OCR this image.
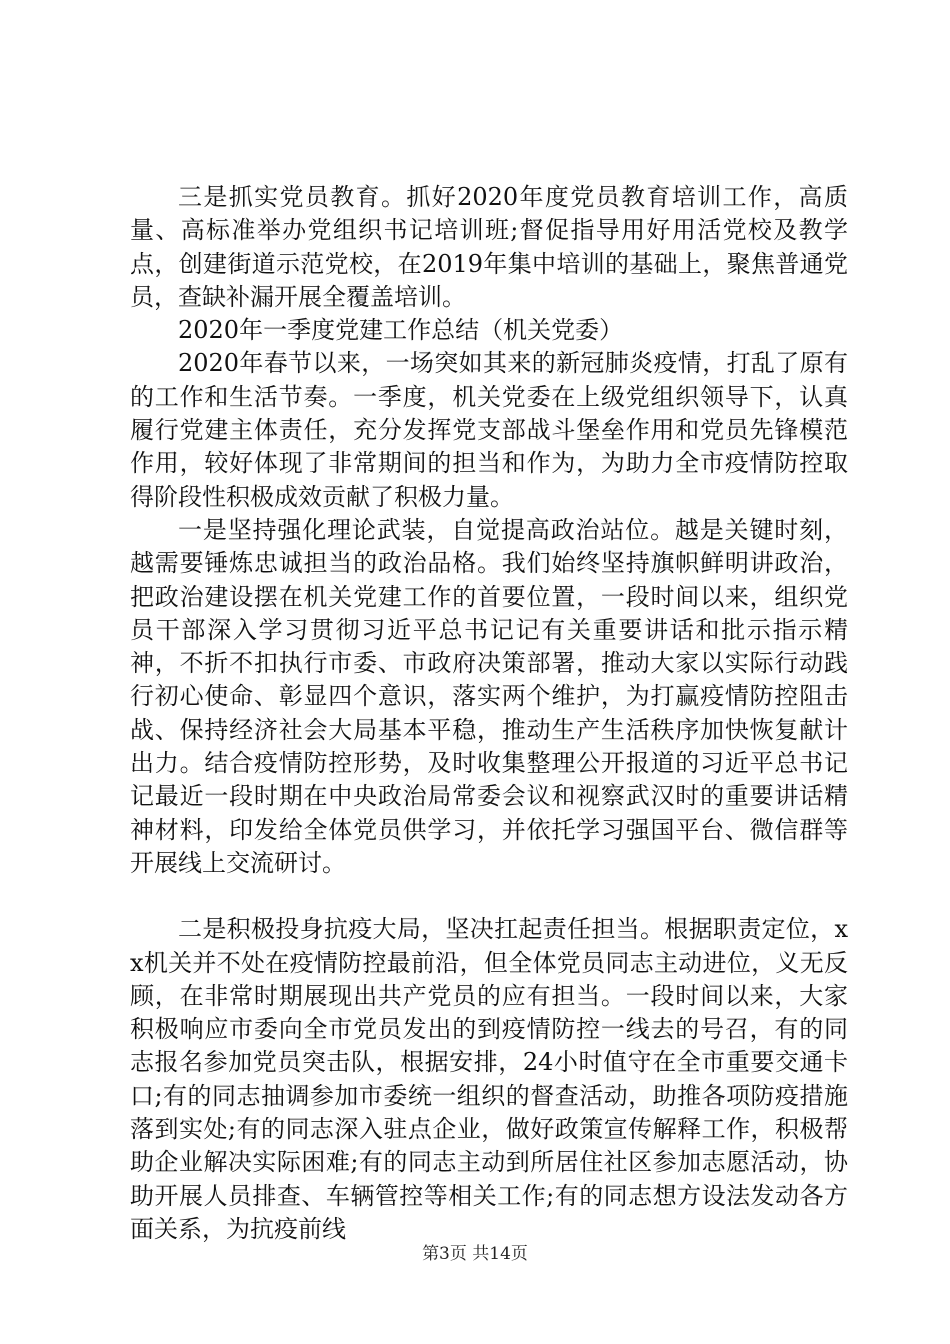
三是抓实党员教育。抓好2020年度党员教育培训工作，高质量、高标准举办党组织书记培训班;督促指导用好用活党校及教学点，创建街道示范党校，在2019年集中培训的基础上，聚焦普通党员，查缺补漏开展全覆盖培训。

2020年一季度党建工作总结（机关党委）

2020年春节以来，一场突如其来的新冠肺炎疫情，打乱了原有的工作和生活节奏。一季度，机关党委在上级党组织领导下，认真履行党建主体责任，充分发挥党支部战斗堡垒作用和党员先锋模范作用，较好体现了非常期间的担当和作为，为助力全市疫情防控取得阶段性积极成效贡献了积极力量。

一是坚持强化理论武装，自觉提高政治站位。越是关键时刻，越需要锤炼忠诚担当的政治品格。我们始终坚持旗帜鲜明讲政治，把政治建设摆在机关党建工作的首要位置，一段时间以来，组织党员干部深入学习贯彻习近平总书记记有关重要讲话和批示指示精神，不折不扣执行市委、市政府决策部署，推动大家以实际行动践行初心使命、彰显四个意识，落实两个维护，为打赢疫情防控阻击战、保持经济社会大局基本平稳，推动生产生活秩序加快恢复献计出力。结合疫情防控形势，及时收集整理公开报道的习近平总书记记最近一段时期在中央政治局常委会议和视察武汉时的重要讲话精神材料，印发给全体党员供学习，并依托学习强国平台、微信群等开展线上交流研讨。

二是积极投身抗疫大局，坚决扛起责任担当。根据职责定位，xx机关并不处在疫情防控最前沿，但全体党员同志主动进位，义无反顾，在非常时期展现出共产党员的应有担当。一段时间以来，大家积极响应市委向全市党员发出的到疫情防控一线去的号召，有的同志报名参加党员突击队，根据安排，24小时值守在全市重要交通卡口;有的同志抽调参加市委统一组织的督查活动，助推各项防疫措施落到实处;有的同志深入驻点企业，做好政策宣传解释工作，积极帮助企业解决实际困难;有的同志主动到所居住社区参加志愿活动，协助开展人员排查、车辆管控等相关工作;有的同志想方设法发动各方面关系，为抗疫前线

第3页 共14页
